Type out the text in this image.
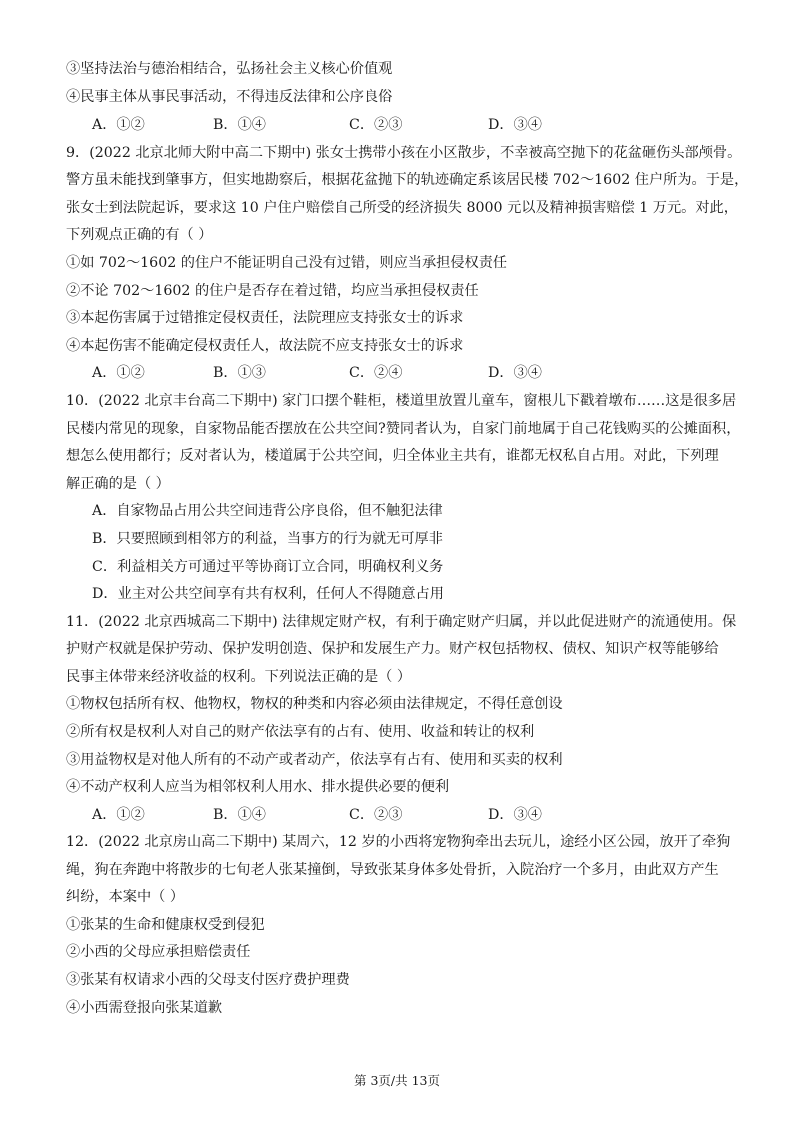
③坚持法治与德治相结合，弘扬社会主义核心价值观
④民事主体从事民事活动，不得违反法律和公序良俗
A．①②	B．①④	C．②③	D．③④
9．(2022 北京北师大附中高二下期中) 张女士携带小孩在小区散步，不幸被高空抛下的花盆砸伤头部颅骨。
警方虽未能找到肇事方，但实地勘察后，根据花盆抛下的轨迹确定系该居民楼 702～1602 住户所为。于是，
张女士到法院起诉，要求这 10 户住户赔偿自己所受的经济损失 8000 元以及精神损害赔偿 1 万元。对此，
下列观点正确的有（ ）
①如 702～1602 的住户不能证明自己没有过错，则应当承担侵权责任
②不论 702～1602 的住户是否存在着过错，均应当承担侵权责任
③本起伤害属于过错推定侵权责任，法院理应支持张女士的诉求
④本起伤害不能确定侵权责任人，故法院不应支持张女士的诉求
A．①②	B．①③	C．②④	D．③④
10．(2022 北京丰台高二下期中) 家门口摆个鞋柜，楼道里放置儿童车，窗根儿下戳着墩布……这是很多居
民楼内常见的现象，自家物品能否摆放在公共空间?赞同者认为，自家门前地属于自己花钱购买的公摊面积，
想怎么使用都行；反对者认为，楼道属于公共空间，归全体业主共有，谁都无权私自占用。对此，下列理
解正确的是（ ）
A．自家物品占用公共空间违背公序良俗，但不触犯法律
B．只要照顾到相邻方的利益，当事方的行为就无可厚非
C．利益相关方可通过平等协商订立合同，明确权利义务
D．业主对公共空间享有共有权利，任何人不得随意占用
11．(2022 北京西城高二下期中) 法律规定财产权，有利于确定财产归属，并以此促进财产的流通使用。保
护财产权就是保护劳动、保护发明创造、保护和发展生产力。财产权包括物权、债权、知识产权等能够给
民事主体带来经济收益的权利。下列说法正确的是（ ）
①物权包括所有权、他物权，物权的种类和内容必须由法律规定，不得任意创设
②所有权是权利人对自己的财产依法享有的占有、使用、收益和转让的权利
③用益物权是对他人所有的不动产或者动产，依法享有占有、使用和买卖的权利
④不动产权利人应当为相邻权利人用水、排水提供必要的便利
A．①②	B．①④	C．②③	D．③④
12．(2022 北京房山高二下期中) 某周六，12 岁的小西将宠物狗牵出去玩儿，途经小区公园，放开了牵狗
绳，狗在奔跑中将散步的七旬老人张某撞倒，导致张某身体多处骨折，入院治疗一个多月，由此双方产生
纠纷，本案中（ ）
①张某的生命和健康权受到侵犯
②小西的父母应承担赔偿责任
③张某有权请求小西的父母支付医疗费护理费
④小西需登报向张某道歉
第 3页/共 13页
